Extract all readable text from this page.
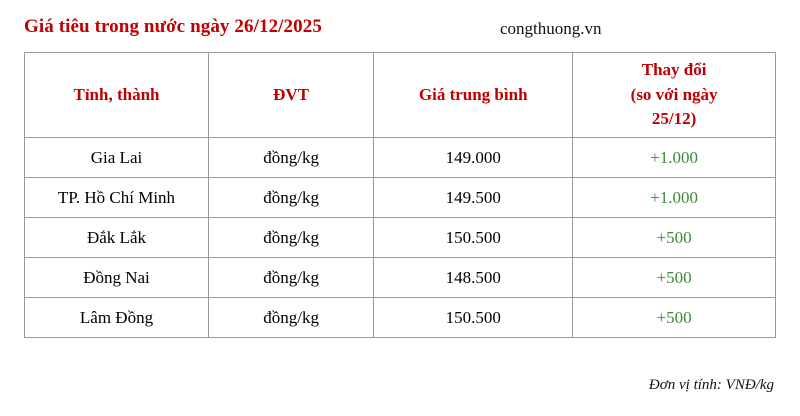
Giá tiêu trong nước ngày 26/12/2025	congthuong.vn
Tỉnh, thành	ĐVT	Giá trung bình	Thay đổi
(so với ngày
25/12)

Gia Lai	đồng/kg	149.000	+1.000
TP. Hồ Chí Minh	đồng/kg	149.500	+1.000
Đắk Lắk	đồng/kg	150.500	+500
Đồng Nai	đồng/kg	148.500	+500
Lâm Đồng	đồng/kg	150.500	+500
Đơn vị tính: VNĐ/kg
